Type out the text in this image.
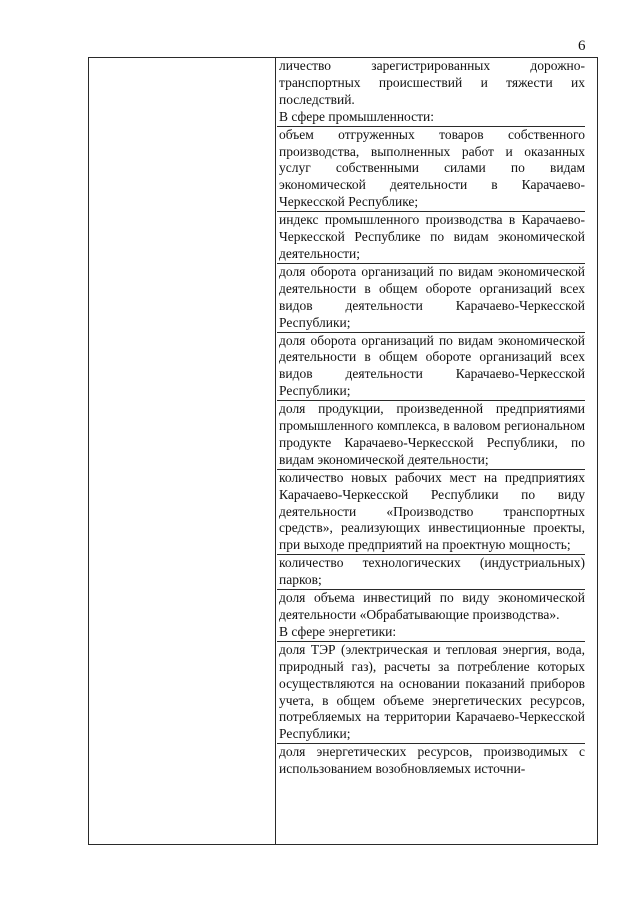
6

личество зарегистрированных дорожно-транспортных происшествий и тяжести их последствий.

В сфере промышленности:

объем отгруженных товаров собственного производства, выполненных работ и оказанных услуг собственными силами по видам экономической деятельности в Карачаево-Черкесской Республике;

индекс промышленного производства в Карачаево-Черкесской Республике по видам экономической деятельности;

доля оборота организаций по видам экономической деятельности в общем обороте организаций всех видов деятельности Карачаево-Черкесской Республики;

доля оборота организаций по видам экономической деятельности в общем обороте организаций всех видов деятельности Карачаево-Черкесской Республики;

доля продукции, произведенной предприятиями промышленного комплекса, в валовом региональном продукте Карачаево-Черкесской Республики, по видам экономической деятельности;

количество новых рабочих мест на предприятиях Карачаево-Черкесской Республики по виду деятельности «Производство транспортных средств», реализующих инвестиционные проекты, при выходе предприятий на проектную мощность;

количество технологических (индустриальных) парков;

доля объема инвестиций по виду экономической деятельности «Обрабатывающие производства».

В сфере энергетики:

доля ТЭР (электрическая и тепловая энергия, вода, природный газ), расчеты за потребление которых осуществляются на основании показаний приборов учета, в общем объеме энергетических ресурсов, потребляемых на территории Карачаево-Черкесской Республики;

доля энергетических ресурсов, производимых с использованием возобновляемых источни-
